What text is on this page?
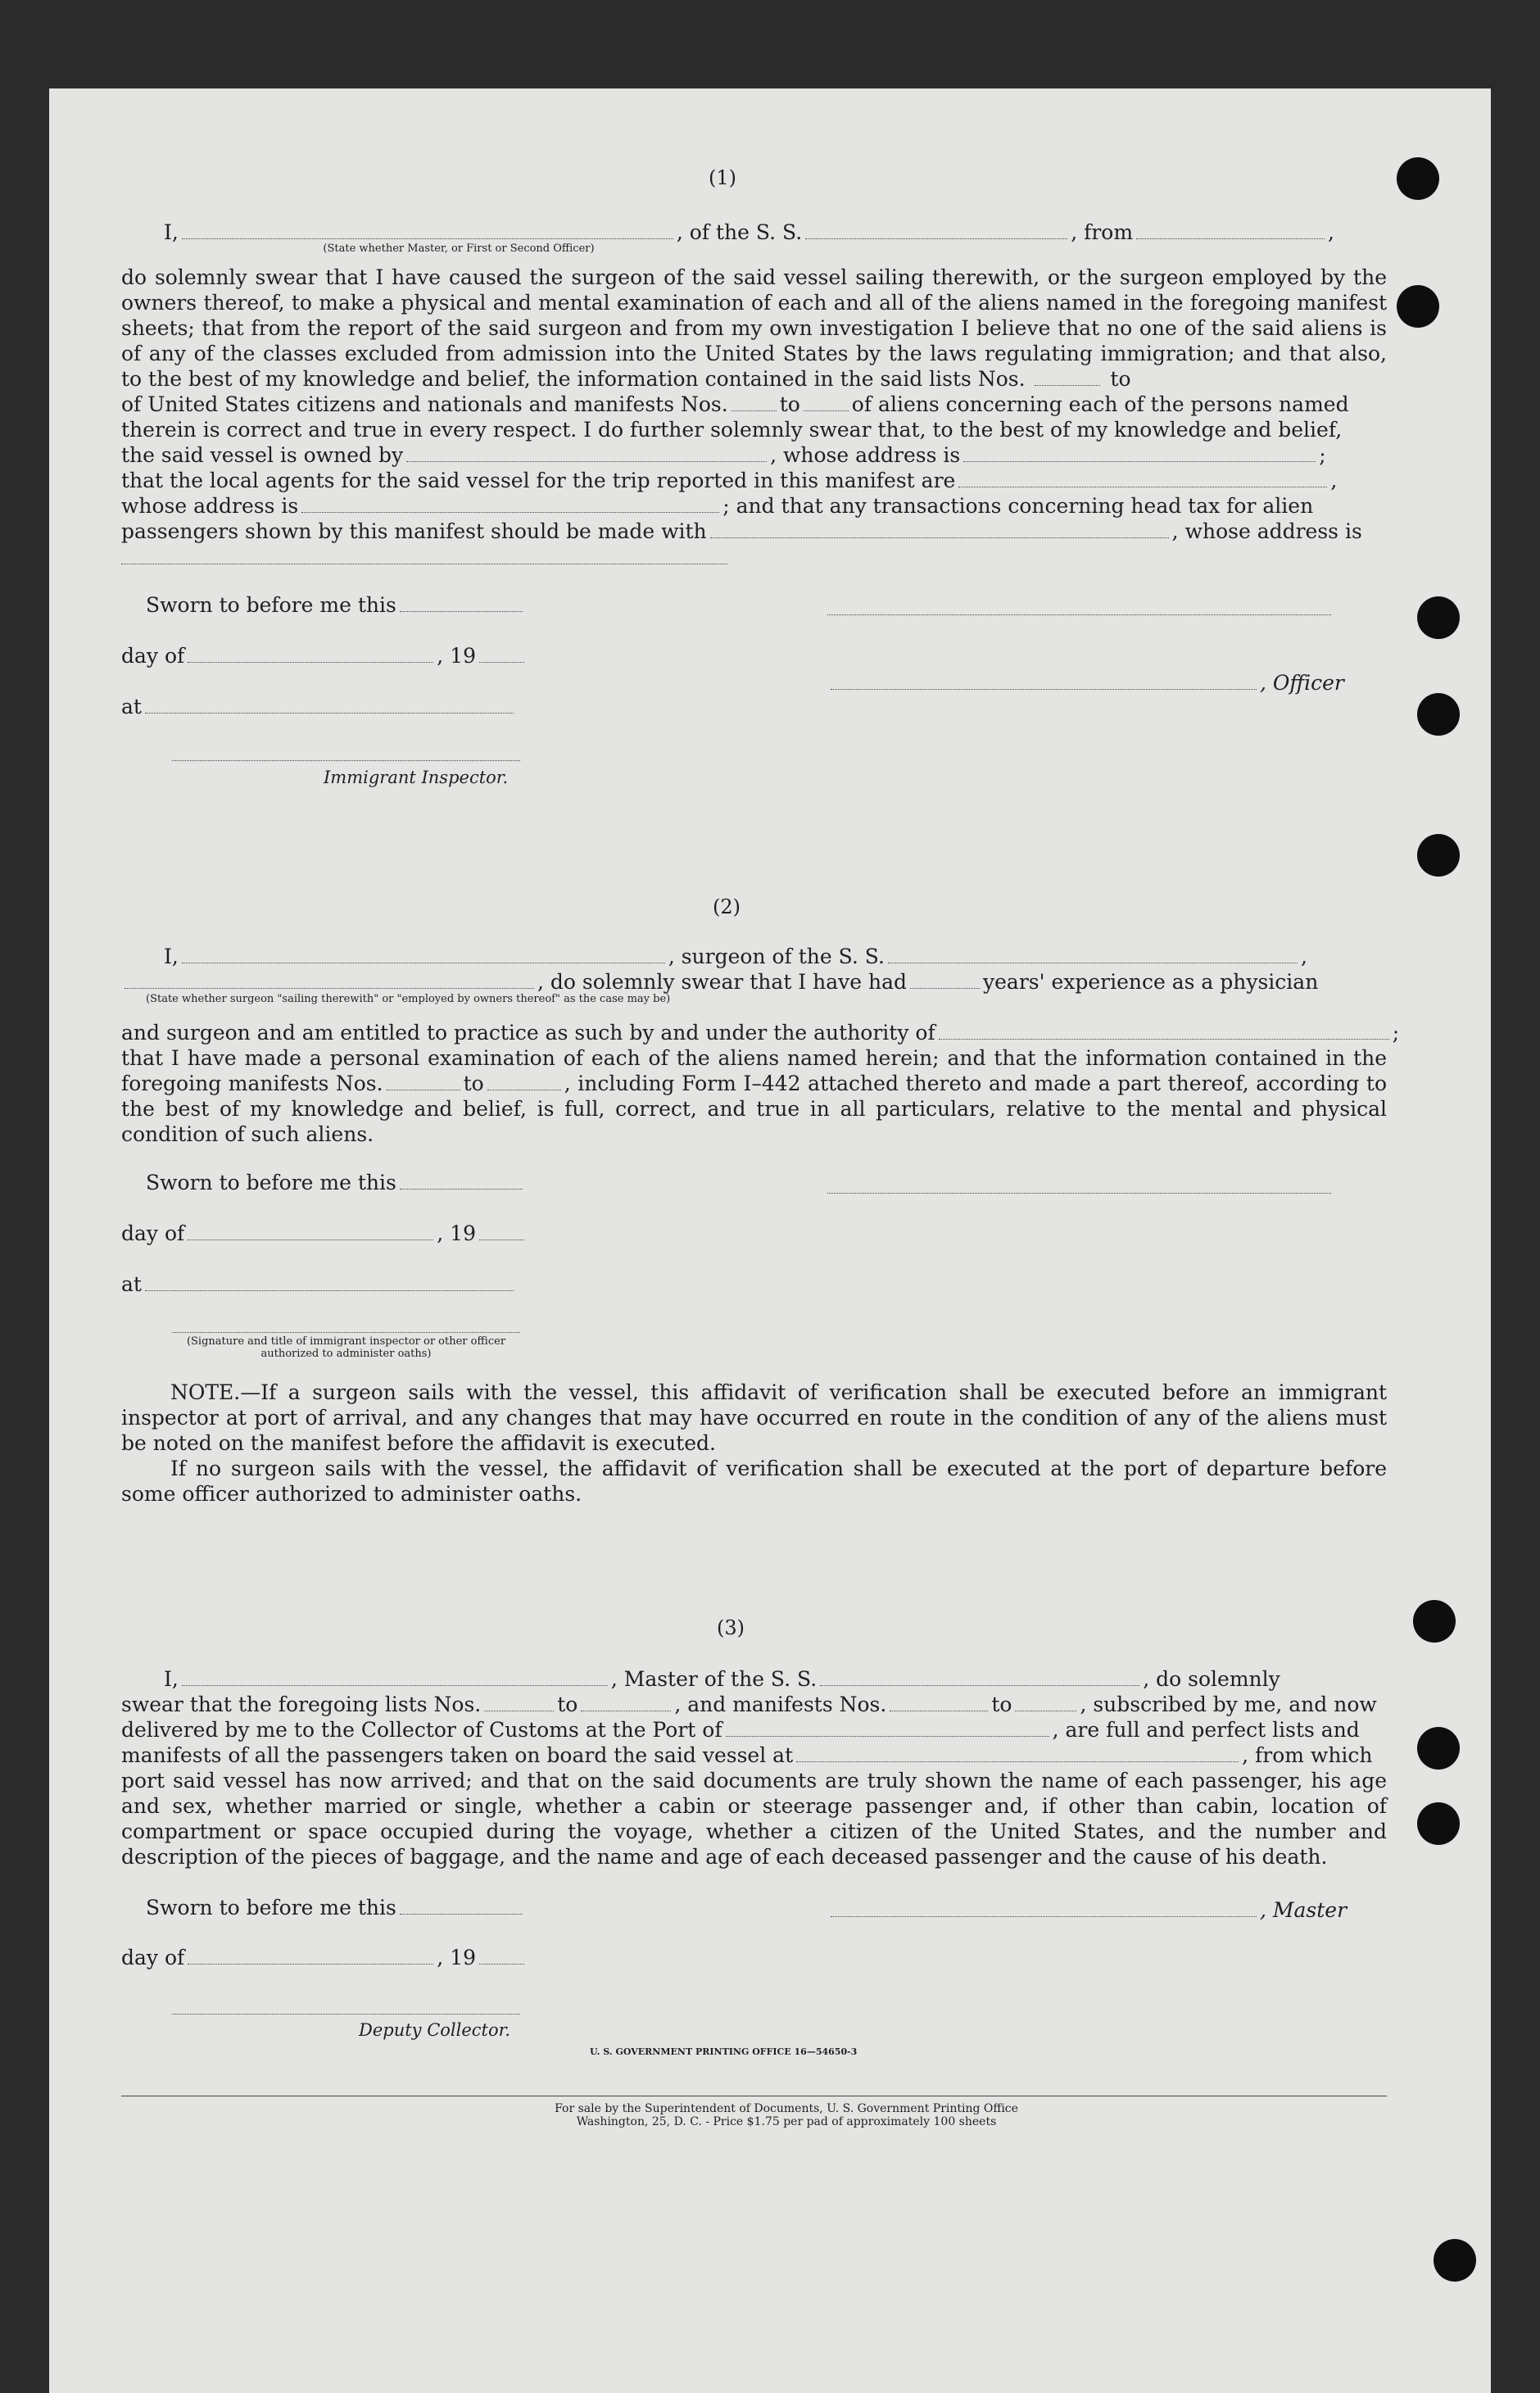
(1)
I,	, of the S. S.	, from	,
(State whether Master, or First or Second Officer)
do solemnly swear that I have caused the surgeon of the said vessel sailing therewith, or the surgeon employed by the owners thereof, to make a physical and mental examination of each and all of the aliens named in the foregoing manifest sheets; that from the report of the said surgeon and from my own investigation I believe that no one of the said aliens is of any of the classes excluded from admission into the United States by the laws regulating immigration; and that also, to the best of my knowledge and belief, the information contained in the said lists Nos.	to
of United States citizens and nationals and manifests Nos.	to	of aliens concerning each of the persons named
therein is correct and true in every respect. I do further solemnly swear that, to the best of my knowledge and belief,
the said vessel is owned by	, whose address is	;
that the local agents for the said vessel for the trip reported in this manifest are	,
whose address is	; and that any transactions concerning head tax for alien
passengers shown by this manifest should be made with	, whose address is
Sworn to before me this
day of	, 19
, Officer
at
Immigrant Inspector.
(2)
I,	, surgeon of the S. S.	,
, do solemnly swear that I have had	years' experience as a physician
(State whether surgeon "sailing therewith" or "employed by owners thereof" as the case may be)
and surgeon and am entitled to practice as such by and under the authority of	;
that I have made a personal examination of each of the aliens named herein; and that the information contained in the foregoing manifests Nos.	to	, including Form I–442 attached thereto and made a part thereof, according to the best of my knowledge and belief, is full, correct, and true in all particulars, relative to the mental and physical condition of such aliens.
Sworn to before me this
day of	, 19
at
(Signature and title of immigrant inspector or other officer authorized to administer oaths)
NOTE.—If a surgeon sails with the vessel, this affidavit of verification shall be executed before an immigrant inspector at port of arrival, and any changes that may have occurred en route in the condition of any of the aliens must be noted on the manifest before the affidavit is executed.
If no surgeon sails with the vessel, the affidavit of verification shall be executed at the port of departure before some officer authorized to administer oaths.
(3)
I,	, Master of the S. S.	, do solemnly
swear that the foregoing lists Nos.	to	, and manifests Nos.	to	, subscribed by me, and now
delivered by me to the Collector of Customs at the Port of	, are full and perfect lists and
manifests of all the passengers taken on board the said vessel at	, from which
port said vessel has now arrived; and that on the said documents are truly shown the name of each passenger, his age and sex, whether married or single, whether a cabin or steerage passenger and, if other than cabin, location of compartment or space occupied during the voyage, whether a citizen of the United States, and the number and description of the pieces of baggage, and the name and age of each deceased passenger and the cause of his death.
Sworn to before me this	, Master
day of	, 19
Deputy Collector.
U. S. GOVERNMENT PRINTING OFFICE 16—54650-3
For sale by the Superintendent of Documents, U. S. Government Printing Office
Washington, 25, D. C. - Price $1.75 per pad of approximately 100 sheets
